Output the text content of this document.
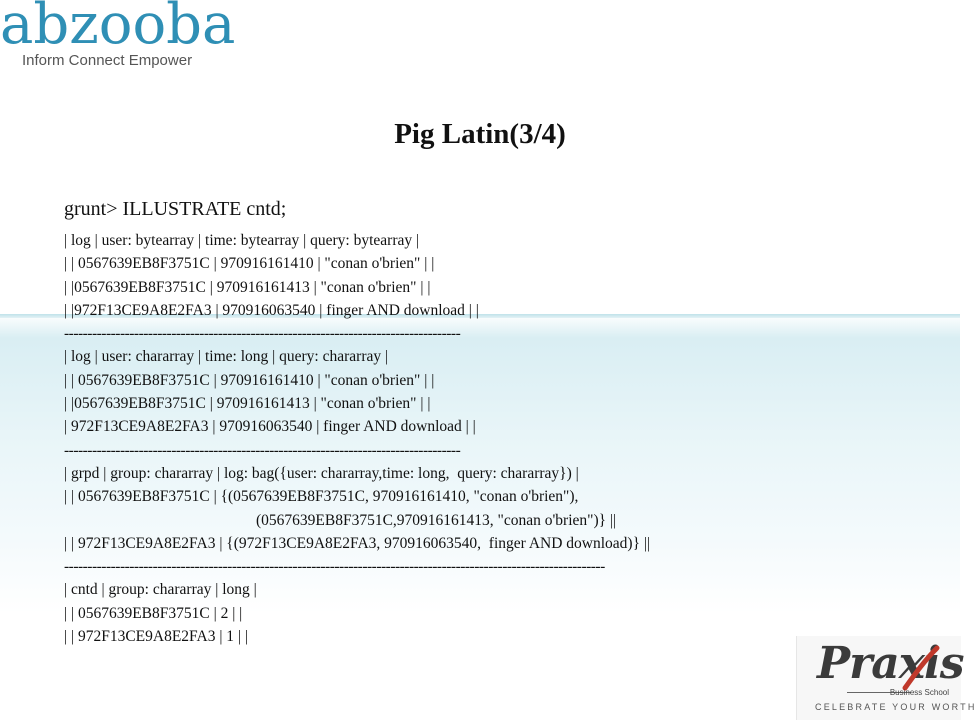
abzooba
Inform Connect Empower
Pig Latin(3/4)
grunt> ILLUSTRATE cntd;
| log | user: bytearray | time: bytearray | query: bytearray |
| | 0567639EB8F3751C | 970916161410 | "conan o'brien" | |
| |0567639EB8F3751C | 970916161413 | "conan o'brien" | |
| |972F13CE9A8E2FA3 | 970916063540 | finger AND download | |
-------------------------------------------------------------------------------------
| log | user: chararray | time: long | query: chararray |
| | 0567639EB8F3751C | 970916161410 | "conan o'brien" | |
| |0567639EB8F3751C | 970916161413 | "conan o'brien" | |
| 972F13CE9A8E2FA3 | 970916063540 | finger AND download | |
-------------------------------------------------------------------------------------
| grpd | group: chararray | log: bag({user: chararray,time: long,  query: chararray}) |
| | 0567639EB8F3751C | {(0567639EB8F3751C, 970916161410, "conan o'brien"),
(0567639EB8F3751C,970916161413, "conan o'brien")} ||
| | 972F13CE9A8E2FA3 | {(972F13CE9A8E2FA3, 970916063540,  finger AND download)} ||
--------------------------------------------------------------------------------------------------------------------
| cntd | group: chararray | long |
| | 0567639EB8F3751C | 2 | |
| | 972F13CE9A8E2FA3 | 1 | |
Praxis
Business School
CELEBRATE YOUR WORTH
